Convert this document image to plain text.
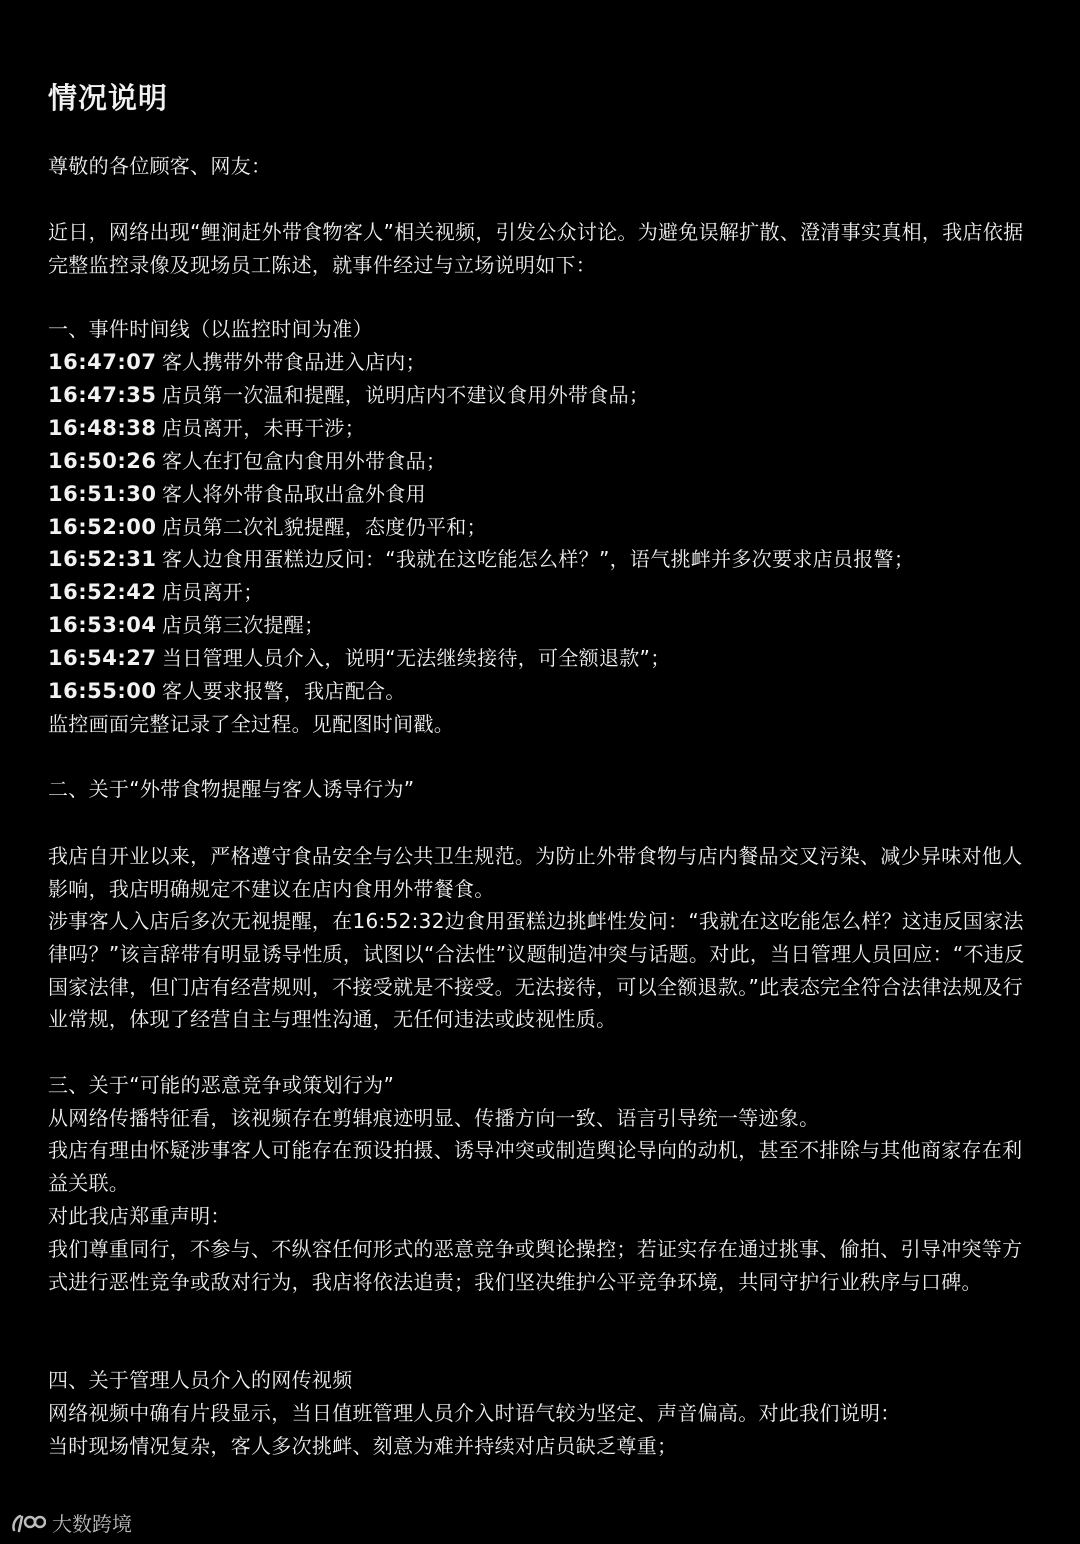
情况说明
尊敬的各位顾客、网友：
近日，网络出现“鲤涧赶外带食物客人”相关视频，引发公众讨论。为避免误解扩散、澄清事实真相，我店依据完整监控录像及现场员工陈述，就事件经过与立场说明如下：
一、事件时间线（以监控时间为准）
16:47:07 客人携带外带食品进入店内；
16:47:35 店员第一次温和提醒，说明店内不建议食用外带食品；
16:48:38 店员离开，未再干涉；
16:50:26 客人在打包盒内食用外带食品；
16:51:30 客人将外带食品取出盒外食用
16:52:00 店员第二次礼貌提醒，态度仍平和；
16:52:31 客人边食用蛋糕边反问：“我就在这吃能怎么样？”，语气挑衅并多次要求店员报警；
16:52:42 店员离开；
16:53:04 店员第三次提醒；
16:54:27 当日管理人员介入，说明“无法继续接待，可全额退款”；
16:55:00 客人要求报警，我店配合。
监控画面完整记录了全过程。见配图时间戳。
二、关于“外带食物提醒与客人诱导行为”
我店自开业以来，严格遵守食品安全与公共卫生规范。为防止外带食物与店内餐品交叉污染、减少异味对他人影响，我店明确规定不建议在店内食用外带餐食。
涉事客人入店后多次无视提醒，在16:52:32边食用蛋糕边挑衅性发问：“我就在这吃能怎么样？这违反国家法律吗？”该言辞带有明显诱导性质，试图以“合法性”议题制造冲突与话题。对此，当日管理人员回应：“不违反国家法律，但门店有经营规则，不接受就是不接受。无法接待，可以全额退款。”此表态完全符合法律法规及行业常规，体现了经营自主与理性沟通，无任何违法或歧视性质。
三、关于“可能的恶意竞争或策划行为”
从网络传播特征看，该视频存在剪辑痕迹明显、传播方向一致、语言引导统一等迹象。
我店有理由怀疑涉事客人可能存在预设拍摄、诱导冲突或制造舆论导向的动机，甚至不排除与其他商家存在利益关联。
对此我店郑重声明：
我们尊重同行，不参与、不纵容任何形式的恶意竞争或舆论操控；若证实存在通过挑事、偷拍、引导冲突等方式进行恶性竞争或敌对行为，我店将依法追责；我们坚决维护公平竞争环境，共同守护行业秩序与口碑。
四、关于管理人员介入的网传视频
网络视频中确有片段显示，当日值班管理人员介入时语气较为坚定、声音偏高。对此我们说明：
当时现场情况复杂，客人多次挑衅、刻意为难并持续对店员缺乏尊重；
大数跨境
